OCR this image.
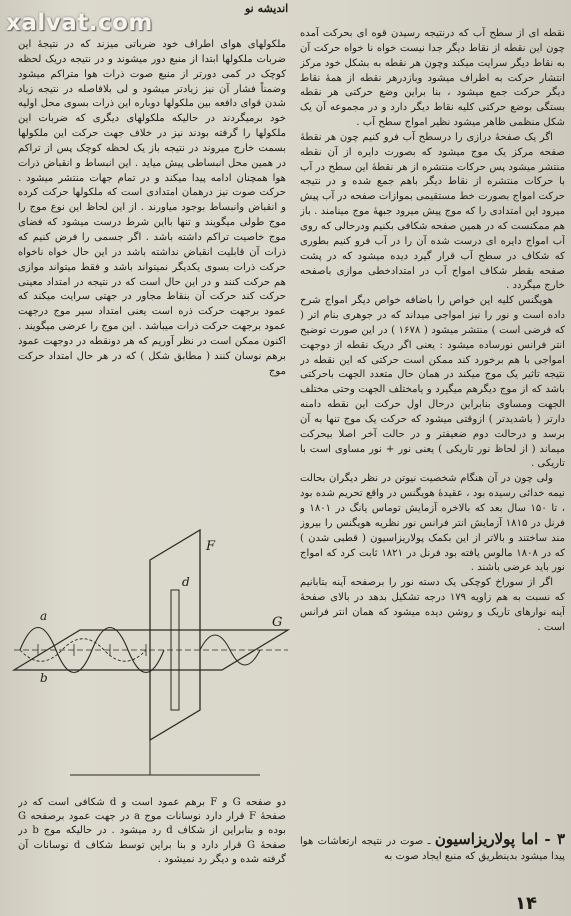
xalvat.com
اندیشه نو

نقطه ای از سطح آب که درنتیجه رسیدن قوه ای بحرکت آمده چون این نقطه از نقاط دیگر جدا نیست خواه نا خواه حرکت آن به نقاط دیگر سرایت میکند وچون هر نقطه به بشکل خود مرکز انتشار حرکت به اطراف میشود وبازدرهر نقطه از همهٔ نقاط دیگر حرکت جمع میشود ، بنا براین وضع حرکتی هر نقطه بستگی بوضع حرکتی کلیه نقاط دیگر دارد و در مجموعه آن یک شکل منظمی ظاهر میشود نظیر امواج سطح آب .

اگر یک صفحهٔ درازی را درسطح آب فرو کنیم چون هر نقطهٔ صفحه مرکز یک موج میشود که بصورت دایره از آن نقطه منتشر میشود پس حرکات منتشره از هر نقطهٔ این سطح در آب با حرکات منتشره از نقاط دیگر باهم جمع شده و در نتیجه حرکت امواج بصورت خط مستقیمی بموازات صفحه در آب پیش میرود این امتدادی را که موج پیش میرود جبههٔ موج مینامند . باز هم ممکنست که در همین صفحه شکافی بکنیم ودرحالی که روی آب امواج دایره ای درست شده آن را در آب فرو کنیم بطوری که شکاف در سطح آب قرار گیرد دیده میشود که در پشت صفحه بقطر شکاف امواج آب در امتدادخطی موازی باصفحه خارج میگردد .

هویگنس کلیه این خواص را باضافه خواص دیگر امواج شرح داده است و نور را نیز امواجی میداند که در جوهری بنام اتر ( که فرضی است ) منتشر میشود ( ۱۶۷۸ ) در این صورت توضیح انتر فرانس نورساده میشود : یعنی اگر دریک نقطه از دوجهت امواجی با هم برخورد کند ممکن است حرکتی که این نقطه در نتیجه تاثیر یک موج میکند در همان حال متعدد الجهت باحرکتی باشد که از موج دیگرهم میگیرد و یامختلف الجهت وحتی مختلف الجهت ومساوی بنابراین درحال اول حرکت این نقطه دامنه دارتر ( باشدیدتر ) ازوقتی میشود که حرکت یک موج تنها به آن برسد و درحالت دوم ضعیفتر و در حالت آخر اصلا بیحرکت میماند ( از لحاظ نور تاریکی ) یعنی نور + نور مساوی است با تاریکی .

ولی چون در آن هنگام شخصیت نیوتن در نظر دیگران بحالت نیمه خدائی رسیده بود ، عقیدهٔ هویگنس در واقع تحریم شده بود ، تا ۱۵۰ سال بعد که بالاخره آزمایش توماس یانگ در ۱۸۰۱ و فرنل در ۱۸۱۵ آزمایش انتر فرانس نور نظریه هویگنس را بیروز مند ساختند و بالاتر از این بکمک پولاریزاسیون ( قطبی شدن ) که در ۱۸۰۸ مالوس یافته بود فرنل در ۱۸۲۱ ثابت کرد که امواج نور باید عرضی باشند .

اگر از سوراخ کوچکی یک دسته نور را برصفحه آینه بتابانیم که نسبت به هم زاویه ۱۷۹ درجه تشکیل بدهد در بالای صفحهٔ آینه نوارهای تاریک و روشن دیده میشود که همان انتر فرانس است .

۳ - اما پولاریزاسیون ـ صوت در نتیجه ارتعاشات هوا پیدا میشود بدینطریق که منبع ایجاد صوت به

ملکولهای هوای اطراف خود ضرباتی میزند که در نتیجهٔ این ضربات ملکولها ابتدا از منبع دور میشوند و در نتیجه دریک لحظه کوچک در کمی دورتر از منبع صوت ذرات هوا متراکم میشود وضمناً فشار آن نیز زیادتر میشود و لی بلافاصله در نتیجه زیاد شدن قوای دافعه بین ملکولها دوباره این ذرات بسوی محل اولیه خود برمیگردند در حالیکه ملکولهای دیگری که ضربات این ملکولها را گرفته بودند نیز در خلاف جهت حرکت این ملکولها بسمت خارج میروند در نتیجه باز یک لحظه کوچک پس از تراکم در همین محل انبساطی پیش میاید . این انبساط و انقباض ذرات هوا همچنان ادامه پیدا میکند و در تمام جهات منتشر میشود . حرکت صوت نیز درهمان امتدادی است که ملکولها حرکت کرده و انقباض وانبساط بوجود میاورند . از این لحاظ این نوع موج را موج طولی میگویند و تنها بااین شرط درست میشود که فضای موج خاصیت تراکم داشته باشد . اگر جسمی را فرض کنیم که ذرات آن قابلیت انقباض نداشته باشد در این حال خواه ناخواه حرکت ذرات بسوی یکدیگر نمیتواند باشد و فقط میتواند موازی هم حرکت کنند و در این حال است که در نتیجه در امتداد معینی حرکت کند حرکت آن بنقاط مجاور در جهتی سرایت میکند که عمود برجهت حرکت ذره است یعنی امتداد سیر موج درجهت عمود برجهت حرکت ذرات میباشد . این موج را عرضی میگویند . اکنون ممکن است در نظر آوریم که هر دونقطه در دوجهت عمود برهم نوسان کنند ( مطابق شکل ) که در هر حال امتداد حرکت موج

F
G
d
a
b

دو صفحه G و F برهم عمود است و d شکافی است که در صفحهٔ F قرار دارد نوسانات موج a در جهت عمود برصفحه G بوده و بنابراین از شکاف d رد میشود . در حالیکه موج b در صفحهٔ G قرار دارد و بنا براین توسط شکاف d نوسانات آن گرفته شده و دیگر رد نمیشود .

۱۴
